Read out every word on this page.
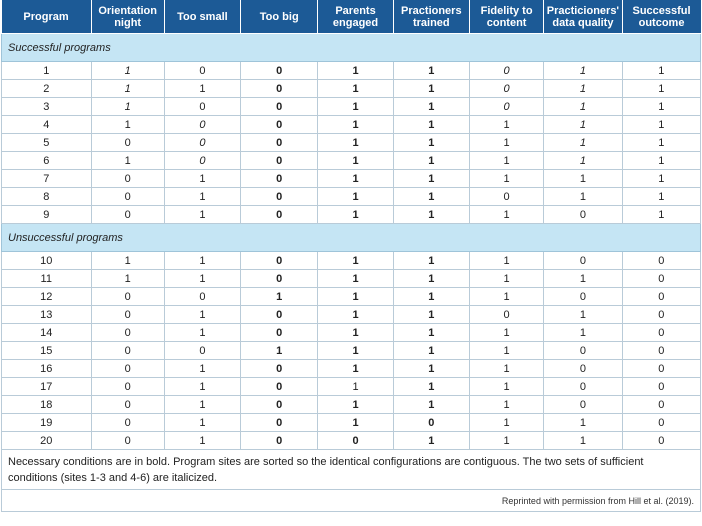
Program	Orientation night	Too small	Too big	Parents engaged	Practioners trained	Fidelity to content	Practicioners' data quality	Successful outcome
Successful programs								
1	1	0	0	1	1	0	1	1
2	1	1	0	1	1	0	1	1
3	1	0	0	1	1	0	1	1
4	1	0	0	1	1	1	1	1
5	0	0	0	1	1	1	1	1
6	1	0	0	1	1	1	1	1
7	0	1	0	1	1	1	1	1
8	0	1	0	1	1	0	1	1
9	0	1	0	1	1	1	0	1
Unsuccessful programs								
10	1	1	0	1	1	1	0	0
11	1	1	0	1	1	1	1	0
12	0	0	1	1	1	1	0	0
13	0	1	0	1	1	0	1	0
14	0	1	0	1	1	1	1	0
15	0	0	1	1	1	1	0	0
16	0	1	0	1	1	1	0	0
17	0	1	0	1	1	1	0	0
18	0	1	0	1	1	1	0	0
19	0	1	0	1	0	1	1	0
20	0	1	0	0	1	1	1	0
Necessary conditions are in bold. Program sites are sorted so the identical configurations are contiguous. The two sets of sufficient conditions (sites 1-3 and 4-6) are italicized.								
Reprinted with permission from Hill et al. (2019).								
